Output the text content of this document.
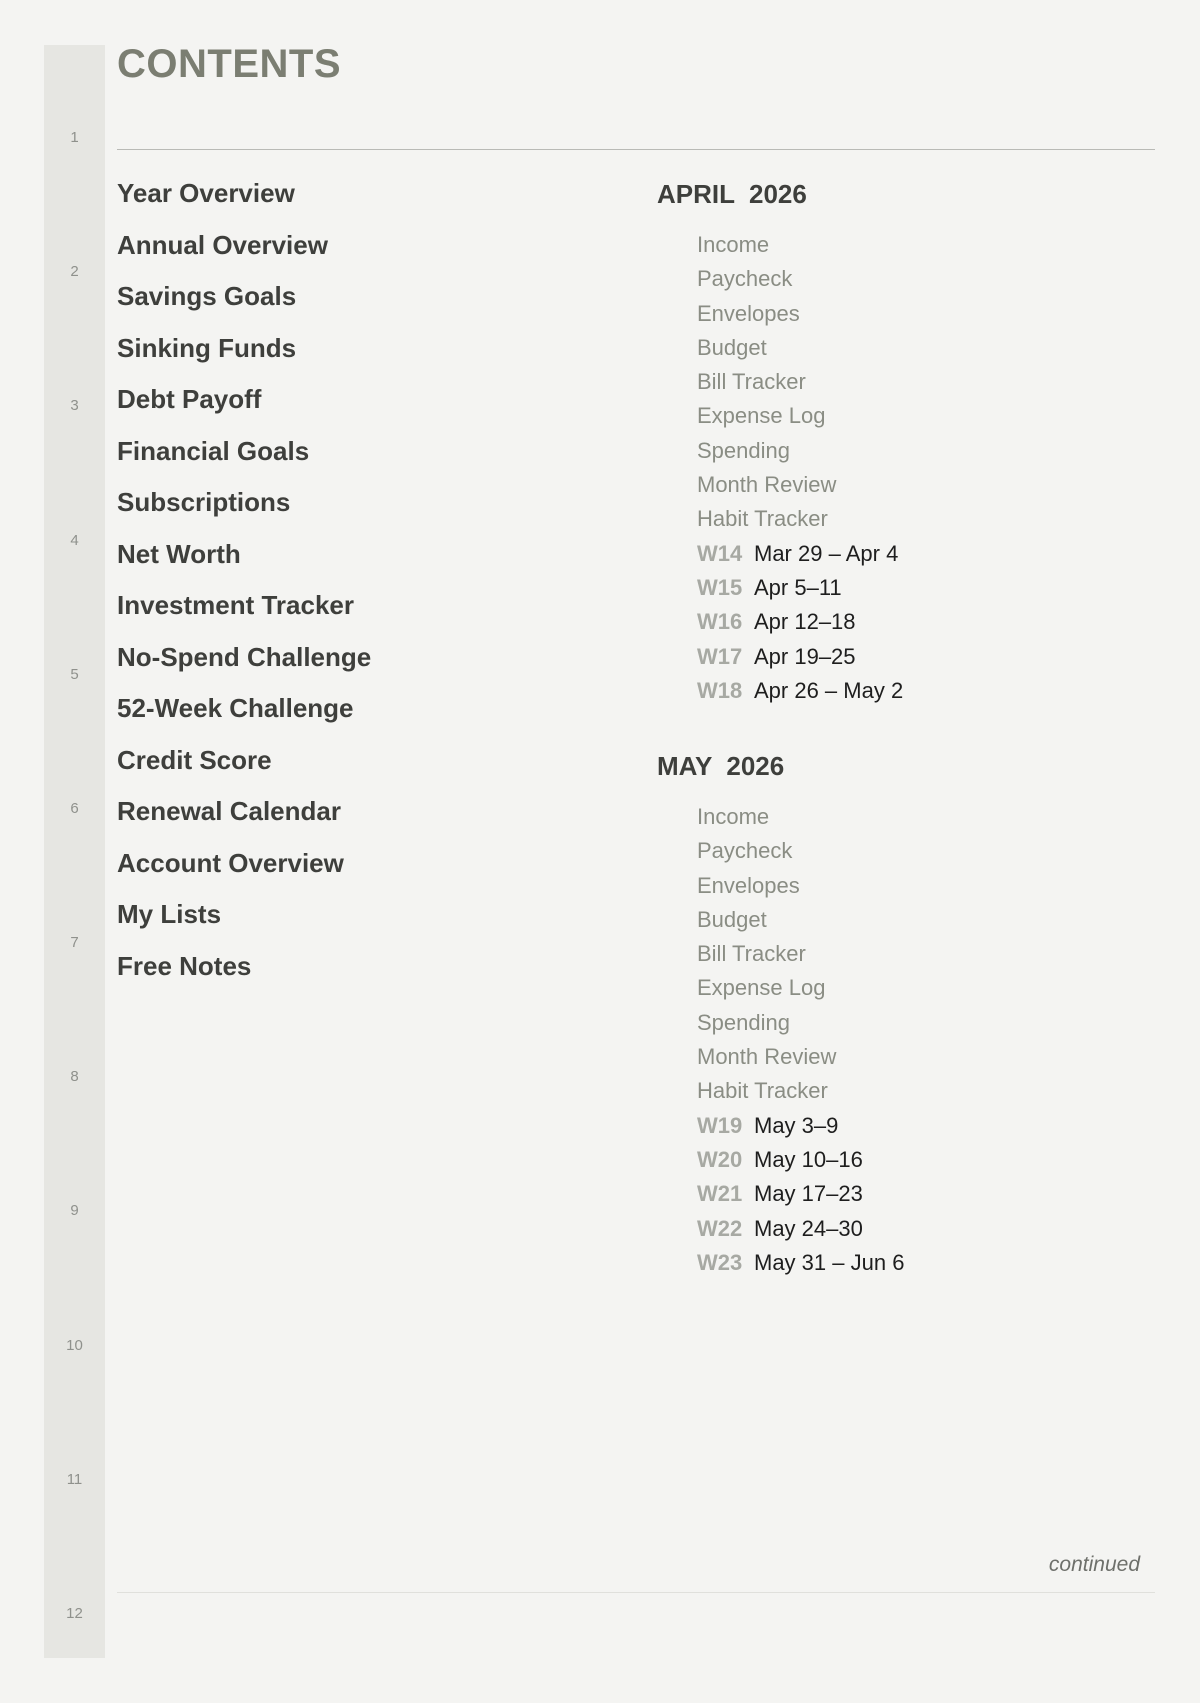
1
2
3
4
5
6
7
8
9
10
11
12
CONTENTS
Year Overview
Annual Overview
Savings Goals
Sinking Funds
Debt Payoff
Financial Goals
Subscriptions
Net Worth
Investment Tracker
No-Spend Challenge
52-Week Challenge
Credit Score
Renewal Calendar
Account Overview
My Lists
Free Notes
APRIL  2026
Income
Paycheck
Envelopes
Budget
Bill Tracker
Expense Log
Spending
Month Review
Habit Tracker
W14 Mar 29 – Apr 4
W15 Apr 5–11
W16 Apr 12–18
W17 Apr 19–25
W18 Apr 26 – May 2
MAY  2026
Income
Paycheck
Envelopes
Budget
Bill Tracker
Expense Log
Spending
Month Review
Habit Tracker
W19 May 3–9
W20 May 10–16
W21 May 17–23
W22 May 24–30
W23 May 31 – Jun 6
continued
